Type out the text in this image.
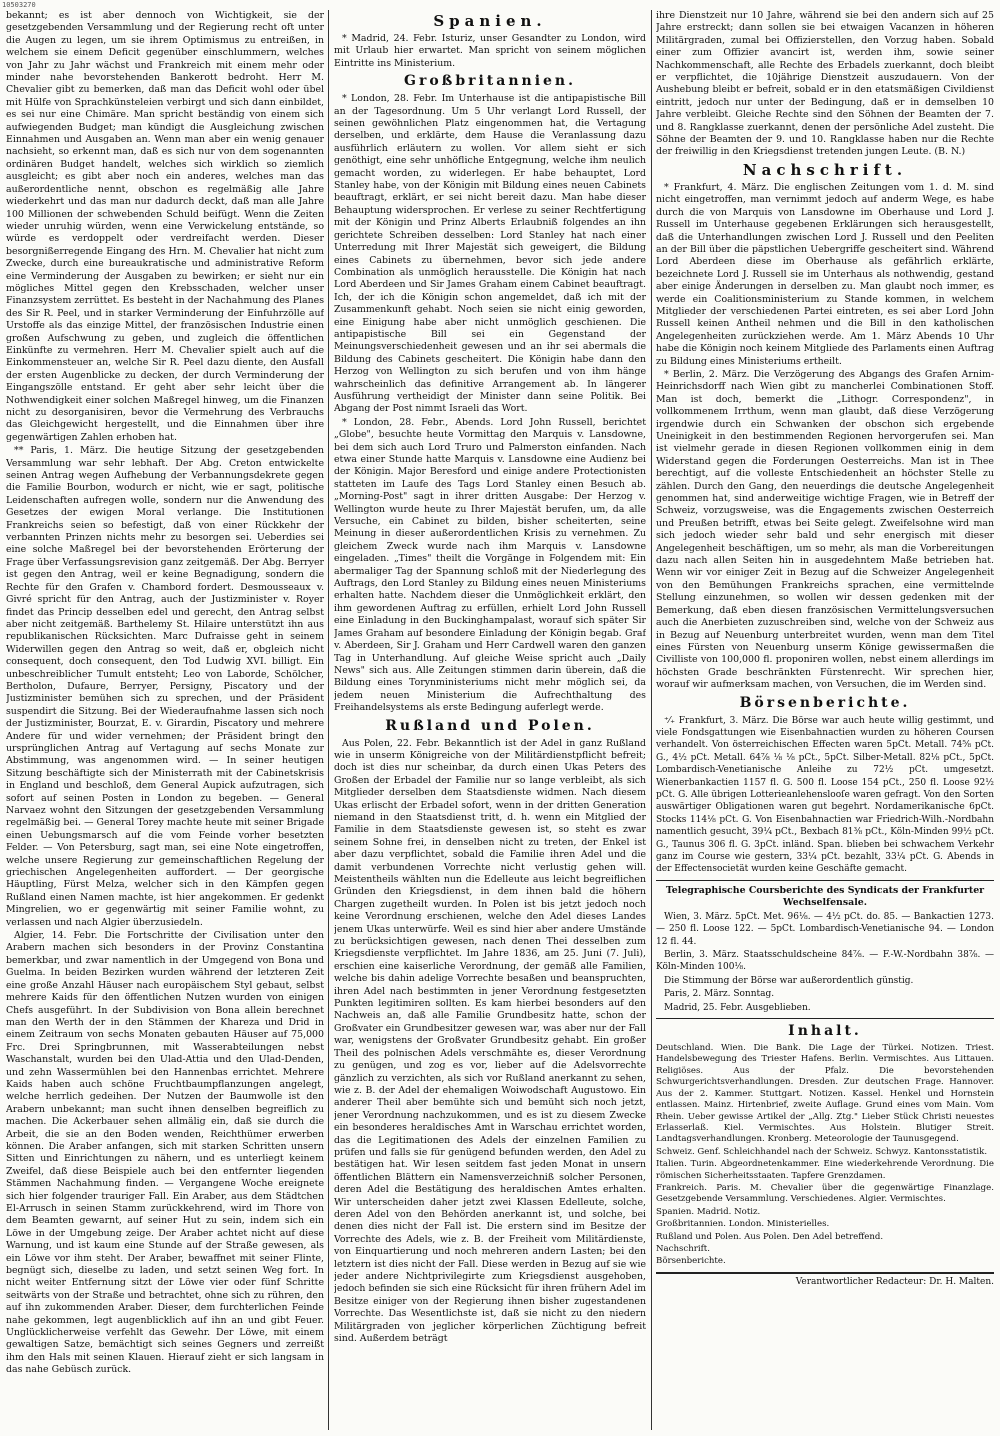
10503270

bekannt; es ist aber dennoch von Wichtigkeit, sie der gesetzgebenden Versammlung und der Regierung recht oft unter die Augen zu legen, um sie ihrem Optimismus zu entreißen, in welchem sie einem Deficit gegenüber einschlummern, welches von Jahr zu Jahr wächst und Frankreich mit einem mehr oder minder nahe bevorstehenden Bankerott bedroht. Herr M. Chevalier gibt zu bemerken, daß man das Deficit wohl oder übel mit Hülfe von Sprachkünsteleien verbirgt und sich dann einbildet, es sei nur eine Chimäre. Man spricht beständig von einem sich aufwiegenden Budget; man kündigt die Ausgleichung zwischen Einnahmen und Ausgaben an. Wenn man aber ein wenig genauer nachsieht, so erkennt man, daß es sich nur von dem sogenannten ordinären Budget handelt, welches sich wirklich so ziemlich ausgleicht; es gibt aber noch ein anderes, welches man das außerordentliche nennt, obschon es regelmäßig alle Jahre wiederkehrt und das man nur dadurch deckt, daß man alle Jahre 100 Millionen der schwebenden Schuld beifügt. Wenn die Zeiten wieder unruhig würden, wenn eine Verwickelung entstände, so würde es verdoppelt oder verdreifacht werden. Dieser besorgnißerregende Eingang des Hrn. M. Chevalier hat nicht zum Zwecke, durch eine bureaukratische und administrative Reform eine Verminderung der Ausgaben zu bewirken; er sieht nur ein mögliches Mittel gegen den Krebsschaden, welcher unser Finanzsystem zerrüttet. Es besteht in der Nachahmung des Planes des Sir R. Peel, und in starker Verminderung der Einfuhrzölle auf Urstoffe als das einzige Mittel, der französischen Industrie einen großen Aufschwung zu geben, und zugleich die öffentlichen Einkünfte zu vermehren. Herr M. Chevalier spielt auch auf die Einkommensteuer an, welche Sir R. Peel dazu diente, den Ausfall der ersten Augenblicke zu decken, der durch Verminderung der Eingangszölle entstand. Er geht aber sehr leicht über die Nothwendigkeit einer solchen Maßregel hinweg, um die Finanzen nicht zu desorganisiren, bevor die Vermehrung des Verbrauchs das Gleichgewicht hergestellt, und die Einnahmen über ihre gegenwärtigen Zahlen erhoben hat.

** Paris, 1. März. Die heutige Sitzung der gesetzgebenden Versammlung war sehr lebhaft. Der Abg. Creton entwickelte seinen Antrag wegen Aufhebung der Verbannungsdekrete gegen die Familie Bourbon, wodurch er nicht, wie er sagt, politische Leidenschaften aufregen wolle, sondern nur die Anwendung des Gesetzes der ewigen Moral verlange. Die Institutionen Frankreichs seien so befestigt, daß von einer Rückkehr der verbannten Prinzen nichts mehr zu besorgen sei. Ueberdies sei eine solche Maßregel bei der bevorstehenden Erörterung der Frage über Verfassungsrevision ganz zeitgemäß. Der Abg. Berryer ist gegen den Antrag, weil er keine Begnadigung, sondern die Rechte für den Grafen v. Chambord fordert. Desmousseaux v. Givré spricht für den Antrag, auch der Justizminister v. Royer findet das Princip desselben edel und gerecht, den Antrag selbst aber nicht zeitgemäß. Barthelemy St. Hilaire unterstützt ihn aus republikanischen Rücksichten. Marc Dufraisse geht in seinem Widerwillen gegen den Antrag so weit, daß er, obgleich nicht consequent, doch consequent, den Tod Ludwig XVI. billigt. Ein unbeschreiblicher Tumult entsteht; Leo von Laborde, Schölcher, Bertholon, Dufaure, Berryer, Persigny, Piscatory und der Justizminister bemühen sich zu sprechen, und der Präsident suspendirt die Sitzung. Bei der Wiederaufnahme lassen sich noch der Justizminister, Bourzat, E. v. Girardin, Piscatory und mehrere Andere für und wider vernehmen; der Präsident bringt den ursprünglichen Antrag auf Vertagung auf sechs Monate zur Abstimmung, was angenommen wird. — In seiner heutigen Sitzung beschäftigte sich der Ministerrath mit der Cabinetskrisis in England und beschloß, dem General Aupick aufzutragen, sich sofort auf seinen Posten in London zu begeben. — General Narvaez wohnt den Sitzungen der gesetzgebenden Versammlung regelmäßig bei. — General Torey machte heute mit seiner Brigade einen Uebungsmarsch auf die vom Feinde vorher besetzten Felder. — Von Petersburg, sagt man, sei eine Note eingetroffen, welche unsere Regierung zur gemeinschaftlichen Regelung der griechischen Angelegenheiten auffordert. — Der georgische Häuptling, Fürst Melza, welcher sich in den Kämpfen gegen Rußland einen Namen machte, ist hier angekommen. Er gedenkt Mingrelien, wo er gegenwärtig mit seiner Familie wohnt, zu verlassen und nach Algier überzusiedeln.

Algier, 14. Febr. Die Fortschritte der Civilisation unter den Arabern machen sich besonders in der Provinz Constantina bemerkbar, und zwar namentlich in der Umgegend von Bona und Guelma. In beiden Bezirken wurden während der letzteren Zeit eine große Anzahl Häuser nach europäischem Styl gebaut, selbst mehrere Kaids für den öffentlichen Nutzen wurden von einigen Chefs ausgeführt. In der Subdivision von Bona allein berechnet man den Werth der in den Stämmen der Khareza und Drid in einem Zeitraum von sechs Monaten gebauten Häuser auf 75,000 Frc. Drei Springbrunnen, mit Wasserabteilungen nebst Waschanstalt, wurden bei den Ulad-Attia und den Ulad-Denden, und zehn Wassermühlen bei den Hannenbas errichtet. Mehrere Kaids haben auch schöne Fruchtbaumpflanzungen angelegt, welche herrlich gedeihen. Der Nutzen der Baumwolle ist den Arabern unbekannt; man sucht ihnen denselben begreiflich zu machen. Die Ackerbauer sehen allmälig ein, daß sie durch die Arbeit, die sie an den Boden wenden, Reichthümer erwerben können. Die Araber anfangen, sich mit starken Schritten unsern Sitten und Einrichtungen zu nähern, und es unterliegt keinem Zweifel, daß diese Beispiele auch bei den entfernter liegenden Stämmen Nachahmung finden. — Vergangene Woche ereignete sich hier folgender trauriger Fall. Ein Araber, aus dem Städtchen El-Arrusch in seinen Stamm zurückkehrend, wird im Thore von dem Beamten gewarnt, auf seiner Hut zu sein, indem sich ein Löwe in der Umgebung zeige. Der Araber achtet nicht auf diese Warnung, und ist kaum eine Stunde auf der Straße gewesen, als ein Löwe vor ihm steht. Der Araber, bewaffnet mit seiner Flinte, begnügt sich, dieselbe zu laden, und setzt seinen Weg fort. In nicht weiter Entfernung sitzt der Löwe vier oder fünf Schritte seitwärts von der Straße und betrachtet, ohne sich zu rühren, den auf ihn zukommenden Araber. Dieser, dem furchterlichen Feinde nahe gekommen, legt augenblicklich auf ihn an und gibt Feuer. Unglücklicherweise verfehlt das Gewehr. Der Löwe, mit einem gewaltigen Satze, bemächtigt sich seines Gegners und zerreißt ihm den Hals mit seinen Klauen. Hierauf zieht er sich langsam in das nahe Gebüsch zurück.

Spanien.

* Madrid, 24. Febr. Isturiz, unser Gesandter zu London, wird mit Urlaub hier erwartet. Man spricht von seinem möglichen Eintritte ins Ministerium.

Großbritannien.

* London, 28. Febr. Im Unterhause ist die antipapistische Bill an der Tagesordnung. Um 5 Uhr verlangt Lord Russell, der seinen gewöhnlichen Platz eingenommen hat, die Vertagung derselben, und erklärte, dem Hause die Veranlassung dazu ausführlich erläutern zu wollen. Vor allem sieht er sich genöthigt, eine sehr unhöfliche Entgegnung, welche ihm neulich gemacht worden, zu widerlegen. Er habe behauptet, Lord Stanley habe, von der Königin mit Bildung eines neuen Cabinets beauftragt, erklärt, er sei nicht bereit dazu. Man habe dieser Behauptung widersprochen. Er verlese zu seiner Rechtfertigung mit der Königin und Prinz Alberts Erlaubniß folgendes an ihn gerichtete Schreiben desselben: Lord Stanley hat nach einer Unterredung mit Ihrer Majestät sich geweigert, die Bildung eines Cabinets zu übernehmen, bevor sich jede andere Combination als unmöglich herausstelle. Die Königin hat nach Lord Aberdeen und Sir James Graham einem Cabinet beauftragt. Ich, der ich die Königin schon angemeldet, daß ich mit der Zusammenkunft gehabt. Noch seien sie nicht einig geworden, eine Einigung habe aber nicht unmöglich geschienen. Die antipapistische Bill sei ein Gegenstand der Meinungsverschiedenheit gewesen und an ihr sei abermals die Bildung des Cabinets gescheitert. Die Königin habe dann den Herzog von Wellington zu sich berufen und von ihm hänge wahrscheinlich das definitive Arrangement ab. In längerer Ausführung vertheidigt der Minister dann seine Politik. Bei Abgang der Post nimmt Israeli das Wort.

* London, 28. Febr., Abends. Lord John Russell, berichtet „Globe", besuchte heute Vormittag den Marquis v. Lansdowne, bei dem sich auch Lord Truro und Palmerston einfanden. Nach etwa einer Stunde hatte Marquis v. Lansdowne eine Audienz bei der Königin. Major Beresford und einige andere Protectionisten statteten im Laufe des Tags Lord Stanley einen Besuch ab. „Morning-Post" sagt in ihrer dritten Ausgabe: Der Herzog v. Wellington wurde heute zu Ihrer Majestät berufen, um, da alle Versuche, ein Cabinet zu bilden, bisher scheiterten, seine Meinung in dieser außerordentlichen Krisis zu vernehmen. Zu gleichem Zweck wurde nach ihm Marquis v. Lansdowne eingeladen. „Times" theilt die Vorgänge in Folgendem mit: Ein abermaliger Tag der Spannung schloß mit der Niederlegung des Auftrags, den Lord Stanley zu Bildung eines neuen Ministeriums erhalten hatte. Nachdem dieser die Unmöglichkeit erklärt, den ihm gewordenen Auftrag zu erfüllen, erhielt Lord John Russell eine Einladung in den Buckinghampalast, worauf sich später Sir James Graham auf besondere Einladung der Königin begab. Graf v. Aberdeen, Sir J. Graham und Herr Cardwell waren den ganzen Tag in Unterhandlung. Auf gleiche Weise spricht auch „Daily News" sich aus. Alle Zeitungen stimmen darin überein, daß die Bildung eines Torynministeriums nicht mehr möglich sei, da jedem neuen Ministerium die Aufrechthaltung des Freihandelsystems als erste Bedingung auferlegt werde.

Rußland und Polen.

Aus Polen, 22. Febr. Bekanntlich ist der Adel in ganz Rußland wie in unserm Königreiche von der Militärdienstpflicht befreit; doch ist dies nur scheinbar, da durch einen Ukas Peters des Großen der Erbadel der Familie nur so lange verbleibt, als sich Mitglieder derselben dem Staatsdienste widmen. Nach diesem Ukas erlischt der Erbadel sofort, wenn in der dritten Generation niemand in den Staatsdienst tritt, d. h. wenn ein Mitglied der Familie in dem Staatsdienste gewesen ist, so steht es zwar seinem Sohne frei, in denselben nicht zu treten, der Enkel ist aber dazu verpflichtet, sobald die Familie ihren Adel und die damit verbundenen Vorrechte nicht verlustig gehen will. Meistentheils wählten nun die Edelleute aus leicht begreiflichen Gründen den Kriegsdienst, in dem ihnen bald die höhern Chargen zugetheilt wurden. In Polen ist bis jetzt jedoch noch keine Verordnung erschienen, welche den Adel dieses Landes jenem Ukas unterwürfe. Weil es sind hier aber andere Umstände zu berücksichtigen gewesen, nach denen Thei desselben zum Kriegsdienste verpflichtet. Im Jahre 1836, am 25. Juni (7. Juli), erschien eine kaiserliche Verordnung, der gemäß alle Familien, welche bis dahin adelige Vorrechte besaßen und beanspruchten, ihren Adel nach bestimmten in jener Verordnung festgesetzten Punkten legitimiren sollten. Es kam hierbei besonders auf den Nachweis an, daß alle Familie Grundbesitz hatte, schon der Großvater ein Grundbesitzer gewesen war, was aber nur der Fall war, wenigstens der Großvater Grundbesitz gehabt. Ein großer Theil des polnischen Adels verschmähte es, dieser Verordnung zu genügen, und zog es vor, lieber auf die Adelsvorrechte gänzlich zu verzichten, als sich vor Rußland anerkannt zu sehen, wie z. B. der Adel der ehemaligen Woiwodschaft Augustowo. Ein anderer Theil aber bemühte sich und bemüht sich noch jetzt, jener Verordnung nachzukommen, und es ist zu diesem Zwecke ein besonderes heraldisches Amt in Warschau errichtet worden, das die Legitimationen des Adels der einzelnen Familien zu prüfen und falls sie für genügend befunden werden, den Adel zu bestätigen hat. Wir lesen seitdem fast jeden Monat in unsern öffentlichen Blättern ein Namensverzeichniß solcher Personen, deren Adel die Bestätigung des heraldischen Amtes erhalten. Wir unterscheiden daher jetzt zwei Klassen Edelleute, solche, deren Adel von den Behörden anerkannt ist, und solche, bei denen dies nicht der Fall ist. Die erstern sind im Besitze der Vorrechte des Adels, wie z. B. der Freiheit vom Militärdienste, von Einquartierung und noch mehreren andern Lasten; bei den letztern ist dies nicht der Fall. Diese werden in Bezug auf sie wie jeder andere Nichtprivilegirte zum Kriegsdienst ausgehoben, jedoch befinden sie sich eine Rücksicht für ihren frühern Adel im Besitze einiger von der Regierung ihnen bisher zugestandenen Vorrechte. Das Wesentlichste ist, daß sie nicht zu den niedern Militärgraden von jeglicher körperlichen Züchtigung befreit sind. Außerdem beträgt

ihre Dienstzeit nur 10 Jahre, während sie bei den andern sich auf 25 Jahre erstreckt; dann sollen sie bei etwaigen Vacanzen in höheren Militärgraden, zumal bei Offizierstellen, den Vorzug haben. Sobald einer zum Offizier avancirt ist, werden ihm, sowie seiner Nachkommenschaft, alle Rechte des Erbadels zuerkannt, doch bleibt er verpflichtet, die 10jährige Dienstzeit auszudauern. Von der Aushebung bleibt er befreit, sobald er in den etatsmäßigen Civildienst eintritt, jedoch nur unter der Bedingung, daß er in demselben 10 Jahre verbleibt. Gleiche Rechte sind den Söhnen der Beamten der 7. und 8. Rangklasse zuerkannt, denen der persönliche Adel zusteht. Die Söhne der Beamten der 9. und 10. Rangklasse haben nur die Rechte der freiwillig in den Kriegsdienst tretenden jungen Leute. (B. N.)

Nachschrift.

* Frankfurt, 4. März. Die englischen Zeitungen vom 1. d. M. sind nicht eingetroffen, man vernimmt jedoch auf anderm Wege, es habe durch die von Marquis von Lansdowne im Oberhause und Lord J. Russell im Unterhause gegebenen Erklärungen sich herausgestellt, daß die Unterhandlungen zwischen Lord J. Russell und den Peeliten an der Bill über die päpstlichen Uebergriffe gescheitert sind. Während Lord Aberdeen diese im Oberhause als gefährlich erklärte, bezeichnete Lord J. Russell sie im Unterhaus als nothwendig, gestand aber einige Änderungen in derselben zu. Man glaubt noch immer, es werde ein Coalitionsministerium zu Stande kommen, in welchem Mitglieder der verschiedenen Partei eintreten, es sei aber Lord John Russell keinen Antheil nehmen und die Bill in den katholischen Angelegenheiten zurückziehen werde. Am 1. März Abends 10 Uhr habe die Königin noch keinem Mitgliede des Parlaments einen Auftrag zu Bildung eines Ministeriums ertheilt.

* Berlin, 2. März. Die Verzögerung des Abgangs des Grafen Arnim-Heinrichsdorff nach Wien gibt zu mancherlei Combinationen Stoff. Man ist doch, bemerkt die „Lithogr. Correspondenz", in vollkommenem Irrthum, wenn man glaubt, daß diese Verzögerung irgendwie durch ein Schwanken der obschon sich ergebende Uneinigkeit in den bestimmenden Regionen hervorgerufen sei. Man ist vielmehr gerade in diesen Regionen vollkommen einig in dem Widerstand gegen die Forderungen Oesterreichs. Man ist in Thee berechtigt, auf die volleste Entschiedenheit an höchster Stelle zu zählen. Durch den Gang, den neuerdings die deutsche Angelegenheit genommen hat, sind anderweitige wichtige Fragen, wie in Betreff der Schweiz, vorzugsweise, was die Engagements zwischen Oesterreich und Preußen betrifft, etwas bei Seite gelegt. Zweifelsohne wird man sich jedoch wieder sehr bald und sehr energisch mit dieser Angelegenheit beschäftigen, um so mehr, als man die Vorbereitungen dazu nach allen Seiten hin in ausgedehntem Maße betrieben hat. Wenn wir vor einiger Zeit in Bezug auf die Schweizer Angelegenheit von den Bemühungen Frankreichs sprachen, eine vermittelnde Stellung einzunehmen, so wollen wir dessen gedenken mit der Bemerkung, daß eben diesen französischen Vermittelungsversuchen auch die Anerbieten zuzuschreiben sind, welche von der Schweiz aus in Bezug auf Neuenburg unterbreitet wurden, wenn man dem Titel eines Fürsten von Neuenburg unserm Könige gewissermaßen die Civilliste von 100,000 fl. proponiren wollen, nebst einem allerdings im höchsten Grade beschränkten Fürstenrecht. Wir sprechen hier, worauf wir aufmerksam machen, von Versuchen, die im Werden sind.

Börsenberichte.

⁺⁄₊ Frankfurt, 3. März. Die Börse war auch heute willig gestimmt, und viele Fondsgattungen wie Eisenbahnactien wurden zu höheren Coursen verhandelt. Von österreichischen Effecten waren 5pCt. Metall. 74⅝ pCt. G., 4½ pCt. Metall. 64⅞ ⅛ ⅛ pCt., 5pCt. Silber-Metall. 82⅛ pCt., 5pCt. Lombardisch-Venetianische Anleihe zu 72½ pCt. umgesetzt. Wienerbankactien 1157 fl. G. 500 fl. Loose 154 pCt., 250 fl. Loose 92½ pCt. G. Alle übrigen Lotterieanlehenslooſe waren gefragt. Von den Sorten auswärtiger Obligationen waren gut begehrt. Nordamerikanische 6pCt. Stocks 114⅛ pCt. G. Von Eisenbahnactien war Friedrich-Wilh.-Nordbahn namentlich gesucht, 39¼ pCt., Bexbach 81⅜ pCt., Köln-Minden 99½ pCt. G., Taunus 306 fl. G. 3pCt. inländ. Span. blieben bei schwachem Verkehr ganz im Course wie gestern, 33¼ pCt. bezahlt, 33¼ pCt. G. Abends in der Effectensocietät wurden keine Geschäfte gemacht.

Telegraphische Coursberichte des Syndicats der Frankfurter Wechselfensale.

Wien, 3. März. 5pCt. Met. 96⅛. — 4½ pCt. do. 85. — Bankactien 1273. — 250 fl. Loose 122. — 5pCt. Lombardisch-Venetianische 94. — London 12 fl. 44.

Berlin, 3. März. Staatsschuldscheine 84⅞. — F.-W.-Nordbahn 38⅞. — Köln-Minden 100⅛.

Die Stimmung der Börse war außerordentlich günstig.

Paris, 2. März. Sonntag.

Madrid, 25. Febr. Ausgeblieben.

Inhalt.

Deutschland. Wien. Die Bank. Die Lage der Türkei. Notizen. Triest. Handelsbewegung des Triester Hafens. Berlin. Vermischtes. Aus Littauen. Religiöses. Aus der Pfalz. Die bevorstehenden Schwurgerichtsverhandlungen. Dresden. Zur deutschen Frage. Hannover. Aus der 2. Kammer. Stuttgart. Notizen. Kassel. Henkel und Hornstein entlassen. Mainz. Hirtenbrief, zweite Auflage. Grund eines vom Main. Vom Rhein. Ueber gewisse Artikel der „Allg. Ztg." Lieber Stück Christi neuestes Erlasserlaß. Kiel. Vermischtes. Aus Holstein. Blutiger Streit. Landtagsverhandlungen. Kronberg. Meteorologie der Taunusgegend.

Schweiz. Genf. Schleichhandel nach der Schweiz. Schwyz. Kantonsstatistik.

Italien. Turin. Abgeordnetenkammer. Eine wiederkehrende Verordnung. Die römischen Sicherheitsstaaten. Tapfere Grenzdamen.

Frankreich. Paris. M. Chevalier über die gegenwärtige Finanzlage. Gesetzgebende Versammlung. Verschiedenes. Algier. Vermischtes.

Spanien. Madrid. Notiz.

Großbritannien. London. Ministerielles.

Rußland und Polen. Aus Polen. Den Adel betreffend.

Nachschrift.

Börsenberichte.

Verantwortlicher Redacteur: Dr. H. Malten.
